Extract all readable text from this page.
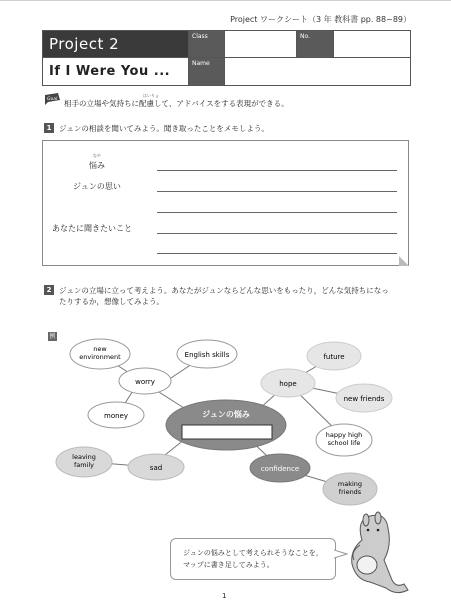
Project ワークシート（3 年 教科書 pp. 88~89）
Project 2
If I Were You ...
Class	No.
Name
Goal
はいりょ
相手の立場や気持ちに配慮して、アドバイスをする表現ができる。
1	ジュンの相談を聞いてみよう。聞き取ったことをメモしよう。
なや
悩み
ジュンの思い
あなたに聞きたいこと
2	ジュンの立場に立って考えよう。あなたがジュンならどんな思いをもったり，どんな気持ちになっ
たりするか，想像してみよう。
例
new
environment	English skills
worry
money
leaving
family	sad
future
hope
new friends
happy high
school life
confidence
making
friends
ジュンの悩み
ジュンの悩みとして考えられそうなことを，
マップに書き足してみよう。
1
